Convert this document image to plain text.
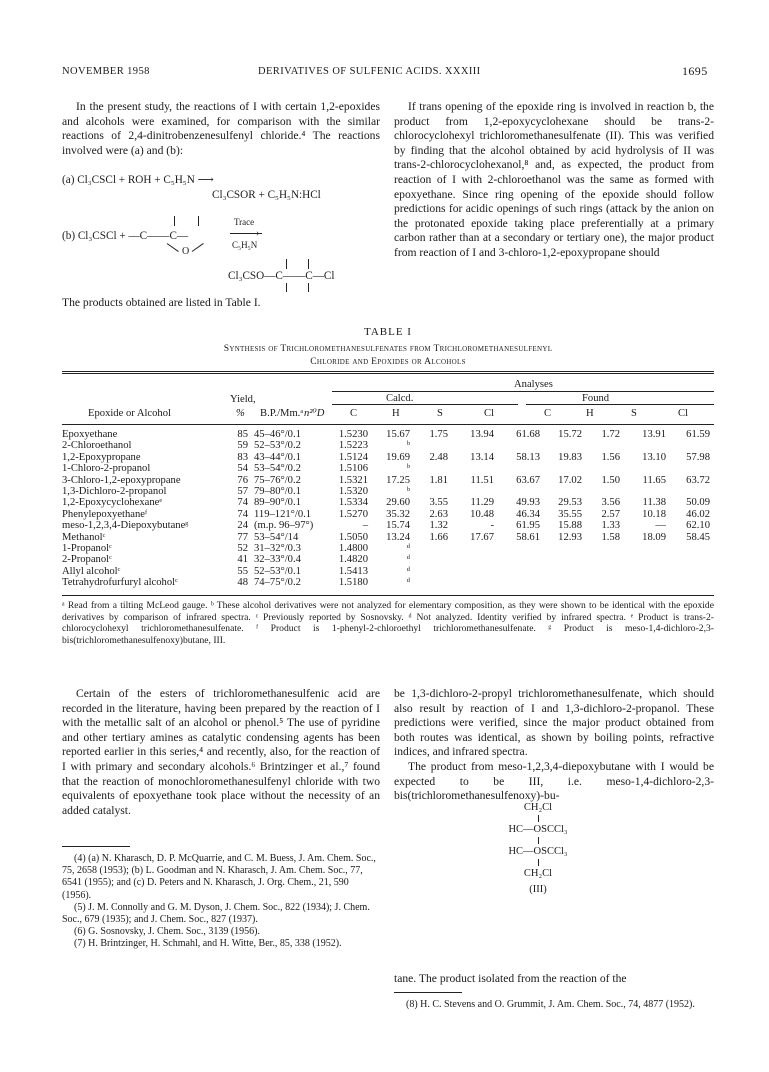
NOVEMBER 1958	DERIVATIVES OF SULFENIC ACIDS. XXXIII	1695

In the present study, the reactions of I with certain 1,2-epoxides and alcohols were examined, for comparison with the similar reactions of 2,4-dinitrobenzenesulfenyl chloride.⁴ The reactions involved were (a) and (b):

(a) Cl₃CSCl + ROH + C₅H₅N ⟶
Cl₃CSOR + C₅H₅N:HCl
(b) Cl₃CSCl + —C——C—
O
Trace
›
C₅H₅N
Cl₃CSO—C——C—Cl

The products obtained are listed in Table I.

If trans opening of the epoxide ring is involved in reaction b, the product from 1,2-epoxycyclohexane should be trans-2-chlorocyclohexyl trichloromethanesulfenate (II). This was verified by finding that the alcohol obtained by acid hydrolysis of II was trans-2-chlorocyclohexanol,⁸ and, as expected, the product from reaction of I with 2-chloroethanol was the same as formed with epoxyethane. Since ring opening of the epoxide should follow predictions for acidic openings of such rings (attack by the anion on the protonated epoxide taking place preferentially at a primary carbon rather than at a secondary or tertiary one), the major product from reaction of I and 3-chloro-1,2-epoxypropane should

TABLE I
Synthesis of Trichloromethanesulfenates from Trichloromethanesulfenyl
Chloride and Epoxides or Alcohols
Analyses
Yield,	Calcd.	Found
Epoxide or Alcohol	% B.P./Mm.ᵃ n²⁰D C	H	S	Cl	C	H	S	Cl
Epoxyethane	85	45–46°/0.1	1.5230	15.67	1.75	13.94	61.68	15.72	1.72	13.91	61.59
2-Chloroethanol	59	52–53°/0.2	1.5223	ᵇ							
1,2-Epoxypropane	83	43–44°/0.1	1.5124	19.69	2.48	13.14	58.13	19.83	1.56	13.10	57.98
1-Chloro-2-propanol	54	53–54°/0.2	1.5106	ᵇ							
3-Chloro-1,2-epoxypropane	76	75–76°/0.2	1.5321	17.25	1.81	11.51	63.67	17.02	1.50	11.65	63.72
1,3-Dichloro-2-propanol	57	79–80°/0.1	1.5320	ᵇ							
1,2-Epoxycyclohexaneᵉ	74	89–90°/0.1	1.5334	29.60	3.55	11.29	49.93	29.53	3.56	11.38	50.09
Phenylepoxyethaneᶠ	74	119–121°/0.1	1.5270	35.32	2.63	10.48	46.34	35.55	2.57	10.18	46.02
meso-1,2,3,4-Diepoxybutaneᵍ	24	(m.p. 96–97°)	–	15.74	1.32	-	61.95	15.88	1.33	—	62.10
Methanolᶜ	77	53–54°/14	1.5050	13.24	1.66	17.67	58.61	12.93	1.58	18.09	58.45
1-Propanolᶜ	52	31–32°/0.3	1.4800	ᵈ							
2-Propanolᶜ	41	32–33°/0.4	1.4820	ᵈ							
Allyl alcoholᶜ	55	52–53°/0.1	1.5413	ᵈ							
Tetrahydrofurfuryl alcoholᶜ	48	74–75°/0.2	1.5180	ᵈ							
ᵃ Read from a tilting McLeod gauge. ᵇ These alcohol derivatives were not analyzed for elementary composition, as they were shown to be identical with the epoxide derivatives by comparison of infrared spectra. ᶜ Previously reported by Sosnovsky. ᵈ Not analyzed. Identity verified by infrared spectra. ᵉ Product is trans-2-chlorocyclohexyl trichloromethanesulfenate. ᶠ Product is 1-phenyl-2-chloroethyl trichloromethanesulfenate. ᵍ Product is meso-1,4-dichloro-2,3-bis(trichloromethanesulfenoxy)butane, III.

Certain of the esters of trichloromethanesulfenic acid are recorded in the literature, having been prepared by the reaction of I with the metallic salt of an alcohol or phenol.⁵ The use of pyridine and other tertiary amines as catalytic condensing agents has been reported earlier in this series,⁴ and recently, also, for the reaction of I with primary and secondary alcohols.⁶ Brintzinger et al.,⁷ found that the reaction of monochloromethanesulfenyl chloride with two equivalents of epoxyethane took place without the necessity of an added catalyst.

(4) (a) N. Kharasch, D. P. McQuarrie, and C. M. Buess, J. Am. Chem. Soc., 75, 2658 (1953); (b) L. Goodman and N. Kharasch, J. Am. Chem. Soc., 77, 6541 (1955); and (c) D. Peters and N. Kharasch, J. Org. Chem., 21, 590 (1956).

(5) J. M. Connolly and G. M. Dyson, J. Chem. Soc., 822 (1934); J. Chem. Soc., 679 (1935); and J. Chem. Soc., 827 (1937).

(6) G. Sosnovsky, J. Chem. Soc., 3139 (1956).

(7) H. Brintzinger, H. Schmahl, and H. Witte, Ber., 85, 338 (1952).

be 1,3-dichloro-2-propyl trichloromethanesulfenate, which should also result by reaction of I and 1,3-dichloro-2-propanol. These predictions were verified, since the major product obtained from both routes was identical, as shown by boiling points, refractive indices, and infrared spectra.

The product from meso-1,2,3,4-diepoxybutane with I would be expected to be III, i.e. meso-1,4-dichloro-2,3-bis(trichloromethanesulfenoxy)-bu-

CH₂Cl
HC—OSCCl₃
HC—OSCCl₃
CH₂Cl
(III)

tane. The product isolated from the reaction of the

(8) H. C. Stevens and O. Grummit, J. Am. Chem. Soc., 74, 4877 (1952).
